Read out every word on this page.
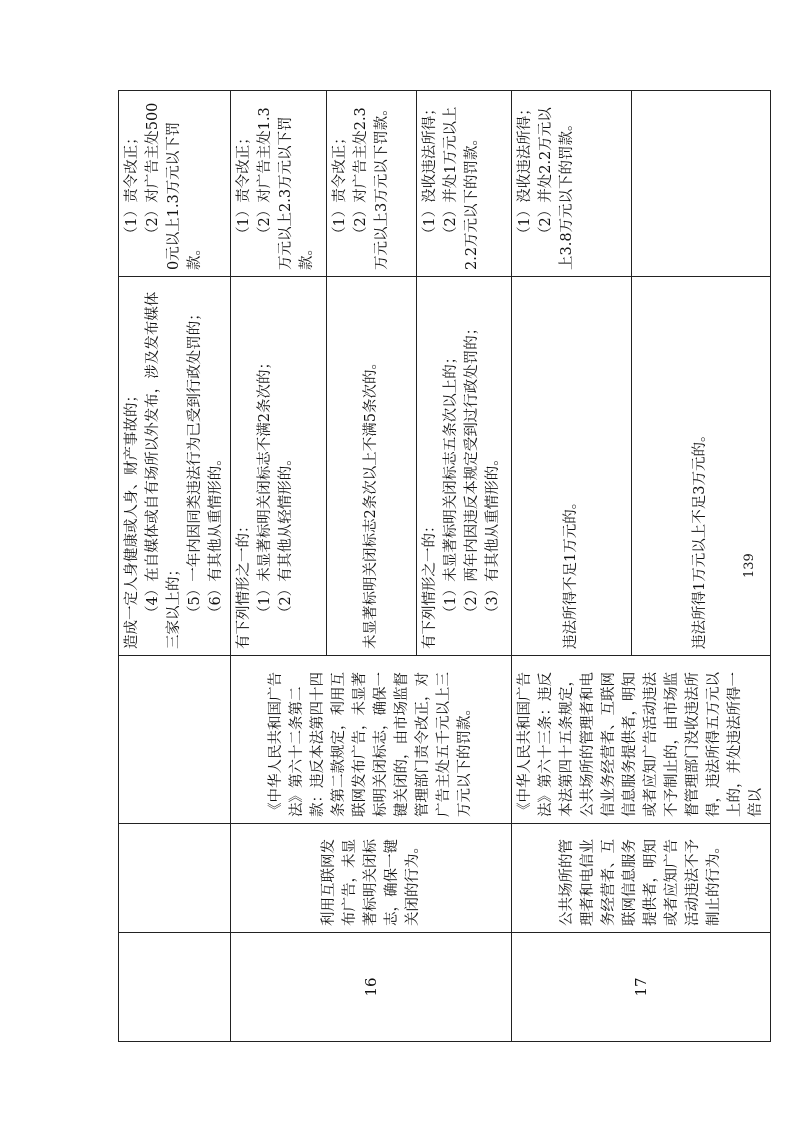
			造成一定人身健康或人身、财产事故的； （4）在自媒体或自有场所以外发布，涉及发布媒体三家以上的； （5）一年内因同类违法行为已受到行政处罚的； （6）有其他从重情形的。	（1）责令改正； （2）对广告主处5000元以上1.3万元以下罚款。

16	利用互联网发布广告，未显著标明关闭标志，确保一键关闭的行为。	《中华人民共和国广告法》第六十二条第二款：违反本法第四十四条第二款规定，利用互联网发布广告，未显著标明关闭标志，确保一键关闭的，由市场监督管理部门责令改正，对广告主处五千元以上三万元以下的罚款。	有下列情形之一的： （1）未显著标明关闭标志不满2条次的； （2）有其他从轻情形的。	（1）责令改正； （2）对广告主处1.3万元以上2.3万元以下罚款。

			未显著标明关闭标志2条次以上不满5条次的。	（1）责令改正； （2）对广告主处2.3万元以上3万元以下罚款。

			有下列情形之一的： （1）未显著标明关闭标志五条次以上的； （2）两年内因违反本规定受到过行政处罚的； （3）有其他从重情形的。	（1）没收违法所得； （2）并处1万元以上2.2万元以下的罚款。

17	公共场所的管理者和电信业务经营者、互联网信息服务提供者，明知或者应知广告活动违法不予制止的行为。	《中华人民共和国广告法》第六十三条：违反本法第四十五条规定，公共场所的管理者和电信业务经营者、互联网信息服务提供者，明知或者应知广告活动违法不予制止的，由市场监督管理部门没收违法所得，违法所得五万元以上的，并处违法所得一倍以	违法所得不足1万元的。	（1）没收违法所得； （2）并处2.2万元以上3.8万元以下的罚款。

			违法所得1万元以上不足3万元的。	
		139
